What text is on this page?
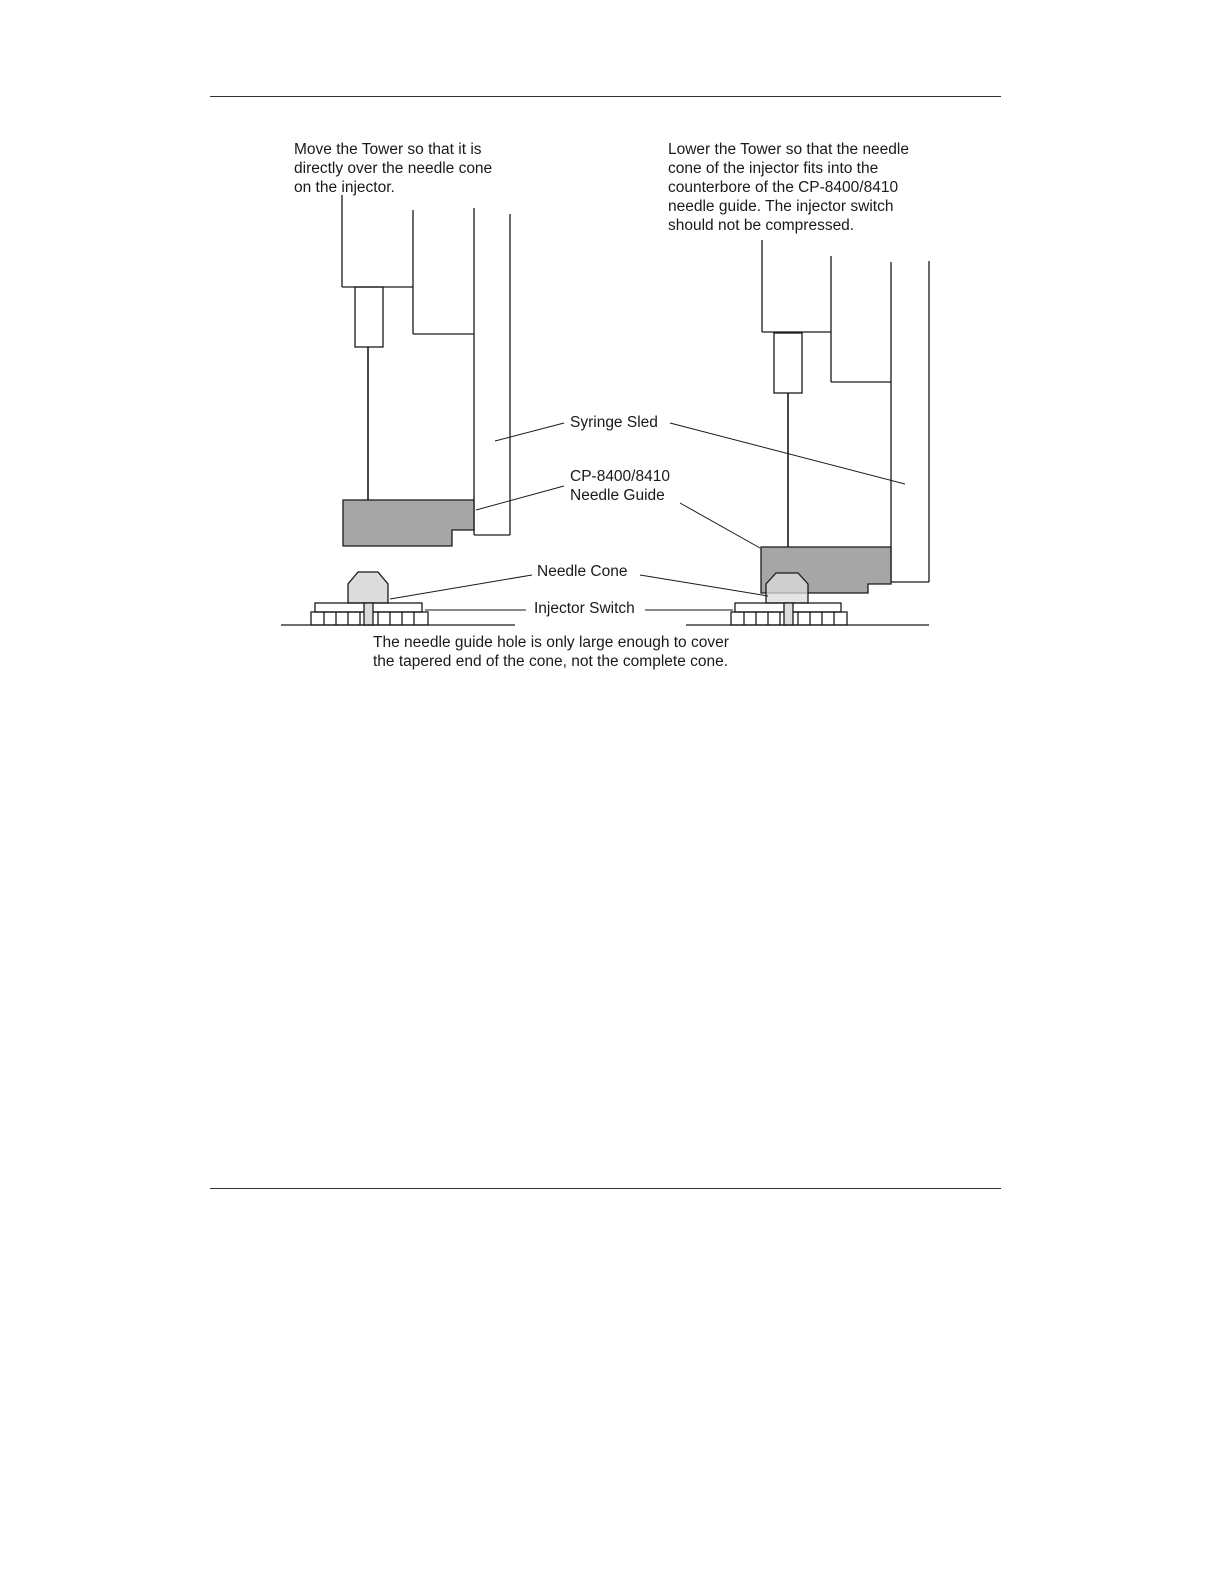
Move the Tower so that it is
directly over the needle cone
on the injector.
Lower the Tower so that the needle
cone of the injector fits into the
counterbore of the CP-8400/8410
needle guide. The injector switch
should not be compressed.
Syringe Sled
CP-8400/8410
Needle Guide
Needle Cone
Injector Switch
The needle guide hole is only large enough to cover
the tapered end of the cone, not the complete cone.
